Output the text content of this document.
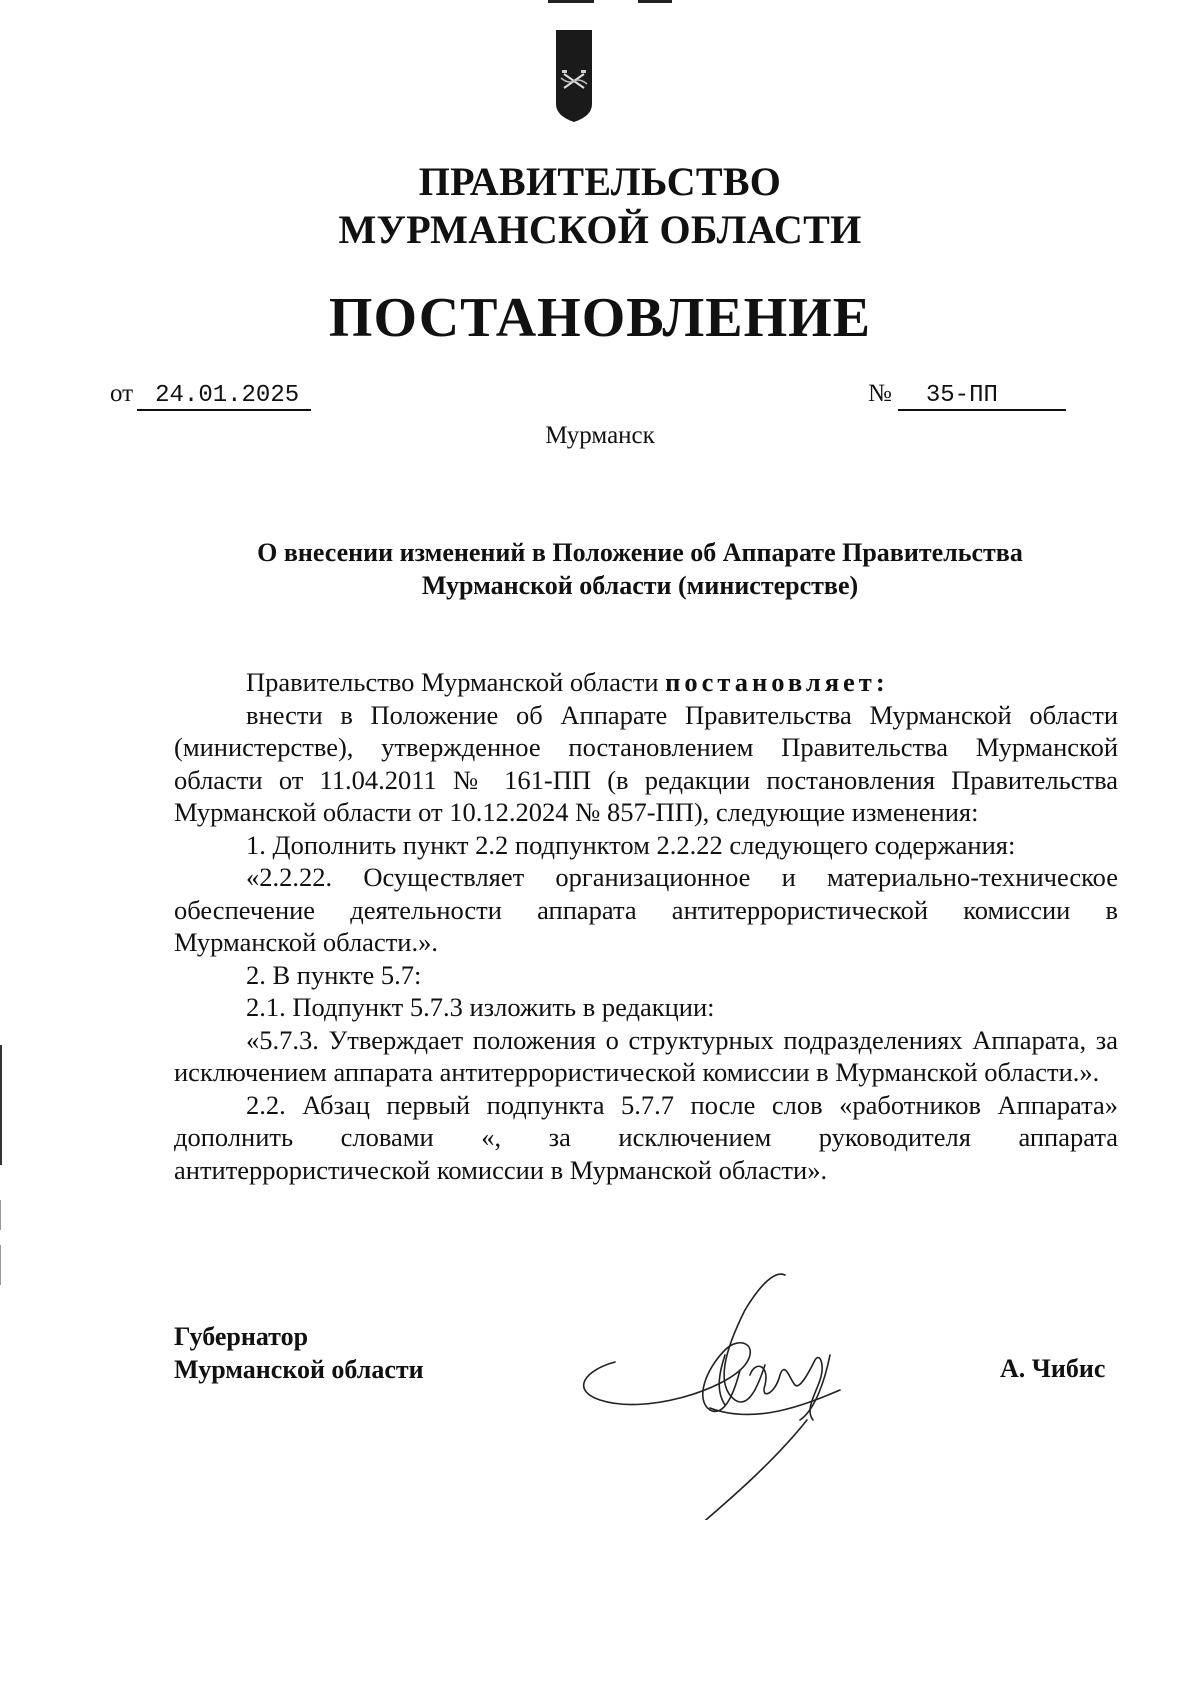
ПРАВИТЕЛЬСТВО
МУРМАНСКОЙ ОБЛАСТИ
ПОСТАНОВЛЕНИЕ
от 24.01.2025	№ 35-ПП
Мурманск
О внесении изменений в Положение об Аппарате Правительства
Мурманской области (министерстве)

Правительство Мурманской области постановляет:

внести в Положение об Аппарате Правительства Мурманской области (министерстве), утвержденное постановлением Правительства Мурманской области от 11.04.2011 № 161-ПП (в редакции постановления Правительства Мурманской области от 10.12.2024 № 857-ПП), следующие изменения:

1. Дополнить пункт 2.2 подпунктом 2.2.22 следующего содержания:

«2.2.22. Осуществляет организационное и материально-техническое обеспечение деятельности аппарата антитеррористической комиссии в Мурманской области.».

2. В пункте 5.7:

2.1. Подпункт 5.7.3 изложить в редакции:

«5.7.3. Утверждает положения о структурных подразделениях Аппарата, за исключением аппарата антитеррористической комиссии в Мурманской области.».

2.2. Абзац первый подпункта 5.7.7 после слов «работников Аппарата» дополнить словами «, за исключением руководителя аппарата антитеррористической комиссии в Мурманской области».

Губернатор
Мурманской области	А. Чибис
